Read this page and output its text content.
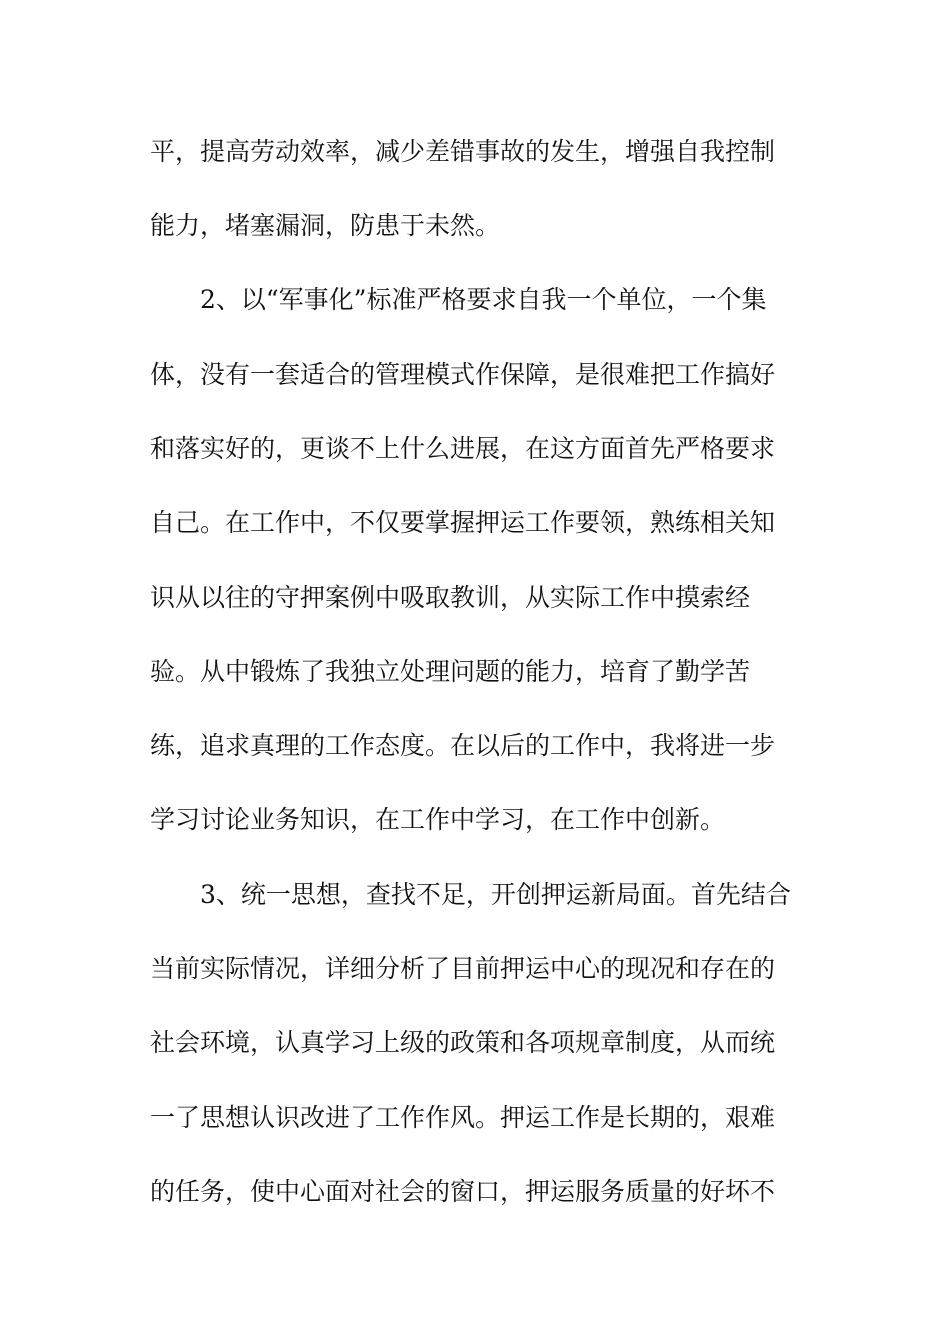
平，提高劳动效率，减少差错事故的发生，增强自我控制
能力，堵塞漏洞，防患于未然。
2、以“军事化”标准严格要求自我一个单位，一个集
体，没有一套适合的管理模式作保障，是很难把工作搞好
和落实好的，更谈不上什么进展，在这方面首先严格要求
自己。在工作中，不仅要掌握押运工作要领，熟练相关知
识从以往的守押案例中吸取教训，从实际工作中摸索经
验。从中锻炼了我独立处理问题的能力，培育了勤学苦
练，追求真理的工作态度。在以后的工作中，我将进一步
学习讨论业务知识，在工作中学习，在工作中创新。
3、统一思想，查找不足，开创押运新局面。首先结合
当前实际情况，详细分析了目前押运中心的现况和存在的
社会环境，认真学习上级的政策和各项规章制度，从而统
一了思想认识改进了工作作风。押运工作是长期的，艰难
的任务，使中心面对社会的窗口，押运服务质量的好坏不
